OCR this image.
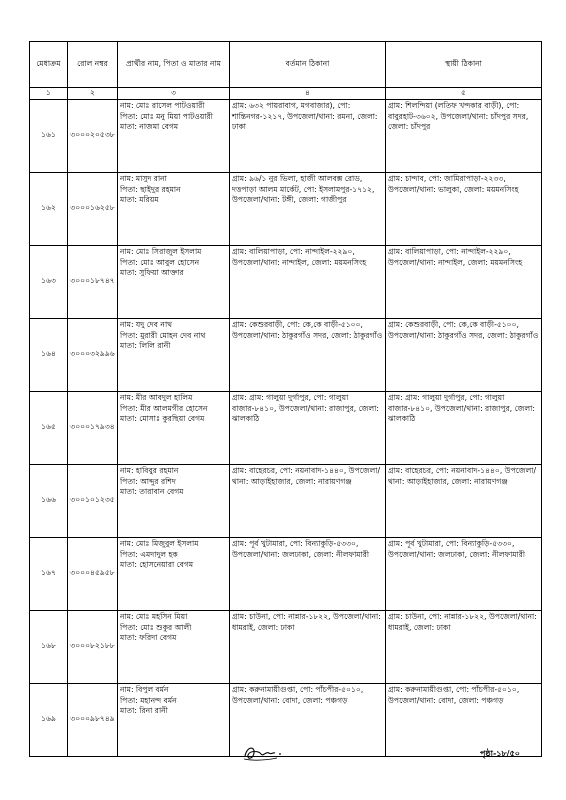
মেধাক্রম	রোল নম্বর	প্রার্থীর নাম, পিতা ও মাতার নাম	বর্তমান ঠিকানা	স্থায়ী ঠিকানা
১	২	৩	৪	৫
১৬১	৩০০০২০৫৩৮	নাম: মোঃ রাসেল পাটওয়ারী
পিতা: মোঃ মনু মিয়া পাটওয়ারী
মাতা: নাজমা বেগম	গ্রাম: ৬৩২ পায়রাবাগ, মগবাজার), পো: শান্তিনগর-১২১৭, উপজেলা/থানা: রমনা, জেলা: ঢাকা	গ্রাম: শিলন্দিয়া (লতিফ খন্দকার বাড়ী), পো: বাবুরহাট-৩৬০২, উপজেলা/থানা: চাঁদপুর সদর, জেলা: চাঁদপুর

১৬২	৩০০০১৬২৫৮	নাম: মাসুদ রানা
পিতা: ছাইদুর রহমান
মাতা: মরিয়ম	গ্রাম: ৯৬/১ নুর ভিলা, হাজী আলবক্স রোড, দত্তপাড়া আলম মার্কেট, পো: ইসলামপুর-১৭১২, উপজেলা/থানা: টঙ্গী, জেলা: গাজীপুর	গ্রাম: চান্দাব, পো: জামিরাপাড়া-২২৩৩, উপজেলা/থানা: ভালুকা, জেলা: ময়মনসিংহ

১৬৩	৩০০০১৮৭৪৭	নাম: মোঃ সিরাজুল ইসলাম
পিতা: মোঃ আবুল হোসেন
মাতা: সুফিয়া আক্তার	গ্রাম: বালিয়াপাড়া, পো: নান্দাইল-২২৯০, উপজেলা/থানা: নান্দাইল, জেলা: ময়মনসিংহ	গ্রাম: বালিয়াপাড়া, পো: নান্দাইল-২২৯০, উপজেলা/থানা: নান্দাইল, জেলা: ময়মনসিংহ

১৬৪	৩০০০৩২৯৯৬	নাম: যদু দেব নাথ
পিতা: মুরারী মোহন দেব নাথ
মাতা: লিলি রানী	গ্রাম: কেশুরবাড়ী, পো: কে,কে বাড়ী-৫১০০, উপজেলা/থানা: ঠাকুরগাঁও সদর, জেলা: ঠাকুরগাঁও	গ্রাম: কেশুরবাড়ী, পো: কে,কে বাড়ী-৫১০০, উপজেলা/থানা: ঠাকুরগাঁও সদর, জেলা: ঠাকুরগাঁও

১৬৫	৩০০০১৭৯৩৪	নাম: মীর আবদুল হালিম
পিতা: মীর আলমগীর হোসেন
মাতা: মোসাঃ কুরছিয়া বেগম	গ্রাম: গ্রাম: গালুয়া দুর্গাপুর, পো: গালুয়া বাজার-৮৪১০, উপজেলা/থানা: রাজাপুর, জেলা: ঝালকাঠি	গ্রাম: গ্রাম: গালুয়া দুর্গাপুর, পো: গালুয়া বাজার-৮৪১০, উপজেলা/থানা: রাজাপুর, জেলা: ঝালকাঠি

১৬৬	৩০০১০১২৩৫	নাম: হাবিবুর রহমান
পিতা: আব্দুর রশিদ
মাতা: তারাবান বেগম	গ্রাম: বাহেরচর, পো: নয়নাবাদ-১৪৪০, উপজেলা/থানা: আড়াইহাজার, জেলা: নারায়ণগঞ্জ	গ্রাম: বাহেরচর, পো: নয়নাবাদ-১৪৪০, উপজেলা/থানা: আড়াইহাজার, জেলা: নারায়ণগঞ্জ

১৬৭	৩০০০৪৫৯৫৮	নাম: মোঃ মিজুবুল ইসলাম
পিতা: এমদাদুল হক
মাতা: হোসনেয়ারা বেগম	গ্রাম: পূর্ব খুটামারা, পো: বিন্যাকুড়ি-৫৩৩০, উপজেলা/থানা: জলঢাকা, জেলা: নীলফামারী	গ্রাম: পূর্ব খুটামারা, পো: বিন্যাকুড়ি-৫৩৩০, উপজেলা/থানা: জলঢাকা, জেলা: নীলফামারী

১৬৮	৩০০০৮২১৮৮	নাম: মোঃ মহসিন মিয়া
পিতা: মোঃ শুকুর আলী
মাতা: ফরিদা বেগম	গ্রাম: চাউনা, পো: নান্নার-১৮২২, উপজেলা/থানা: ধামরাই, জেলা: ঢাকা	গ্রাম: চাউনা, পো: নান্নার-১৮২২, উপজেলা/থানা: ধামরাই, জেলা: ঢাকা

১৬৯	৩০০০৯৮৭৪৯	নাম: বিপুল বর্মন
পিতা: মহানন্দ বর্মন
মাতা: রিনা রানী	গ্রাম: করুনামায়ীগুপ্তা, পো: পাঁচপীর-৫০১০, উপজেলা/থানা: বোদা, জেলা: পঞ্চগড়	গ্রাম: করুনামায়ীগুপ্তা, পো: পাঁচপীর-৫০১০, উপজেলা/থানা: বোদা, জেলা: পঞ্চগড়
পৃষ্ঠা-১৮/৫০
